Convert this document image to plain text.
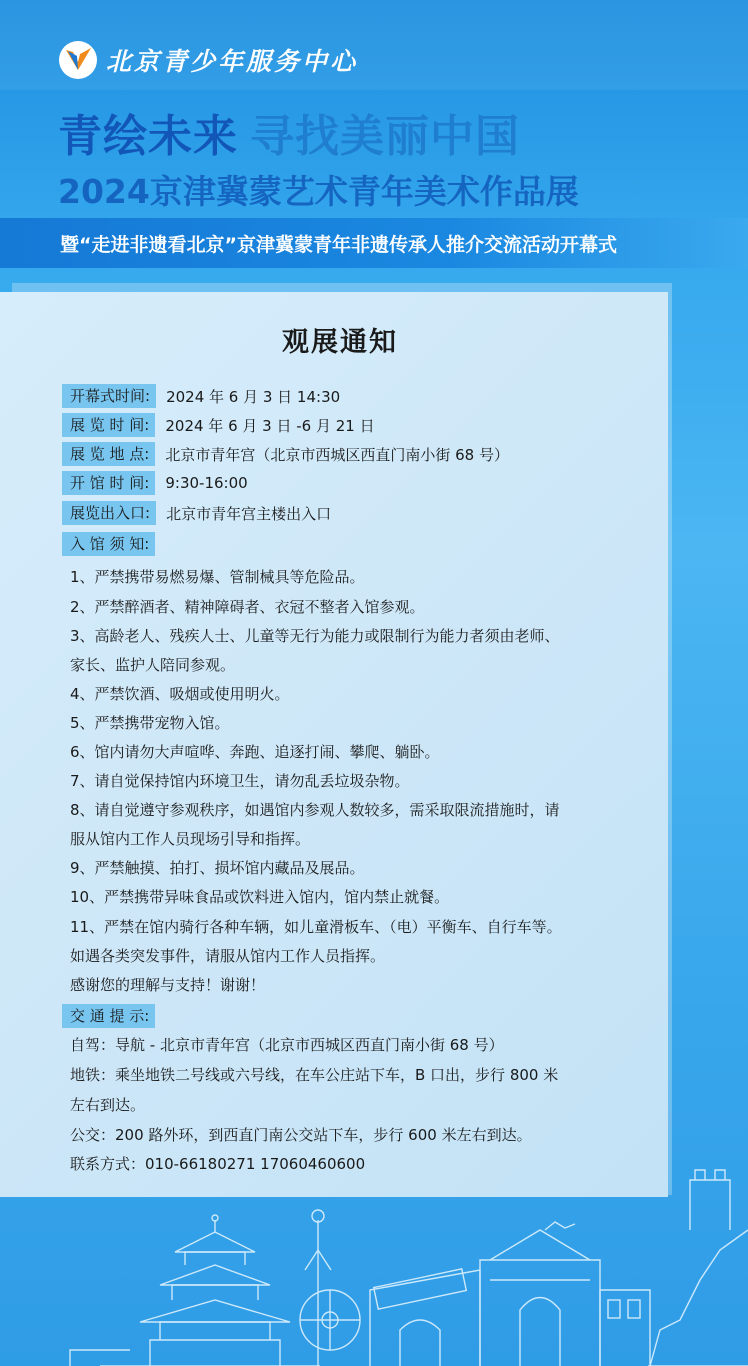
北京青少年服务中心
青绘未来 寻找美丽中国
2024京津冀蒙艺术青年美术作品展
暨“走进非遗看北京”京津冀蒙青年非遗传承人推介交流活动开幕式
观展通知
开幕式时间:	2024 年 6 月 3 日 14:30
展 览 时 间:	2024 年 6 月 3 日 -6 月 21 日
展 览 地 点:	北京市青年宫（北京市西城区西直门南小街 68 号）
开 馆 时 间:	9:30-16:00
展览出入口:	北京市青年宫主楼出入口
入 馆 须 知:
1、严禁携带易燃易爆、管制械具等危险品。
2、严禁醉酒者、精神障碍者、衣冠不整者入馆参观。
3、高龄老人、残疾人士、儿童等无行为能力或限制行为能力者须由老师、
家长、监护人陪同参观。
4、严禁饮酒、吸烟或使用明火。
5、严禁携带宠物入馆。
6、馆内请勿大声喧哗、奔跑、追逐打闹、攀爬、躺卧。
7、请自觉保持馆内环境卫生，请勿乱丢垃圾杂物。
8、请自觉遵守参观秩序，如遇馆内参观人数较多，需采取限流措施时，请
服从馆内工作人员现场引导和指挥。
9、严禁触摸、拍打、损坏馆内藏品及展品。
10、严禁携带异味食品或饮料进入馆内，馆内禁止就餐。
11、严禁在馆内骑行各种车辆，如儿童滑板车、（电）平衡车、自行车等。
如遇各类突发事件，请服从馆内工作人员指挥。
感谢您的理解与支持！谢谢！
交 通 提 示:
自驾：导航 - 北京市青年宫（北京市西城区西直门南小街 68 号）
地铁：乘坐地铁二号线或六号线，在车公庄站下车，B 口出，步行 800 米
左右到达。
公交：200 路外环，到西直门南公交站下车，步行 600 米左右到达。
联系方式：010-66180271 17060460600
